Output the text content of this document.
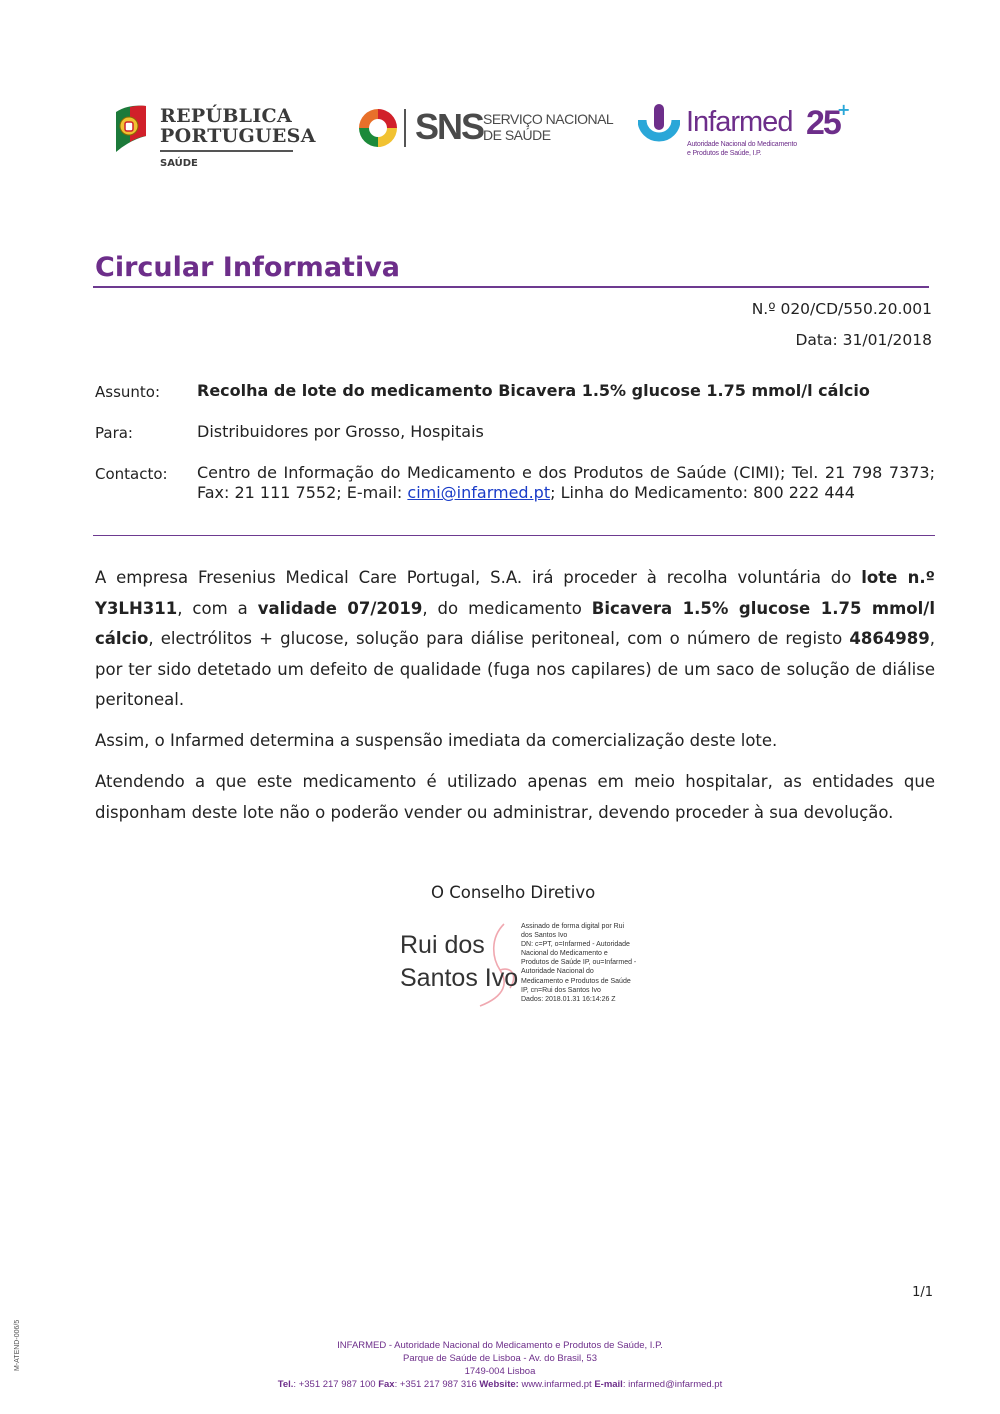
REPÚBLICA
PORTUGUESA
SAÚDE
SNS SERVIÇO NACIONAL
DE SAÚDE	Infarmed 25
+
Autoridade Nacional do Medicamento
e Produtos de Saúde, I.P.
Circular Informativa
N.º 020/CD/550.20.001
Data: 31/01/2018
Assunto: Recolha de lote do medicamento Bicavera 1.5% glucose 1.75 mmol/l cálcio
Para:	Distribuidores por Grosso, Hospitais
Contacto: Centro de Informação do Medicamento e dos Produtos de Saúde (CIMI); Tel. 21 798 7373; Fax: 21 111 7552; E-mail: cimi@infarmed.pt; Linha do Medicamento: 800 222 444
A empresa Fresenius Medical Care Portugal, S.A. irá proceder à recolha voluntária do lote n.º Y3LH311, com a validade 07/2019, do medicamento Bicavera 1.5% glucose 1.75 mmol/l cálcio, electrólitos + glucose, solução para diálise peritoneal, com o número de registo 4864989, por ter sido detetado um defeito de qualidade (fuga nos capilares) de um saco de solução de diálise peritoneal.
Assim, o Infarmed determina a suspensão imediata da comercialização deste lote.
Atendendo a que este medicamento é utilizado apenas em meio hospitalar, as entidades que disponham deste lote não o poderão vender ou administrar, devendo proceder à sua devolução.
O Conselho Diretivo
Rui dos
Santos Ivo
Assinado de forma digital por Rui
dos Santos Ivo
DN: c=PT, o=Infarmed - Autoridade
Nacional do Medicamento e
Produtos de Saúde IP, ou=Infarmed -
Autoridade Nacional do
Medicamento e Produtos de Saúde
IP, cn=Rui dos Santos Ivo
Dados: 2018.01.31 16:14:26 Z
1/1
INFARMED - Autoridade Nacional do Medicamento e Produtos de Saúde, I.P.
Parque de Saúde de Lisboa - Av. do Brasil, 53
1749-004 Lisboa
Tel.: +351 217 987 100 Fax: +351 217 987 316 Website: www.infarmed.pt E-mail: infarmed@infarmed.pt
M-ATEND-006/5
